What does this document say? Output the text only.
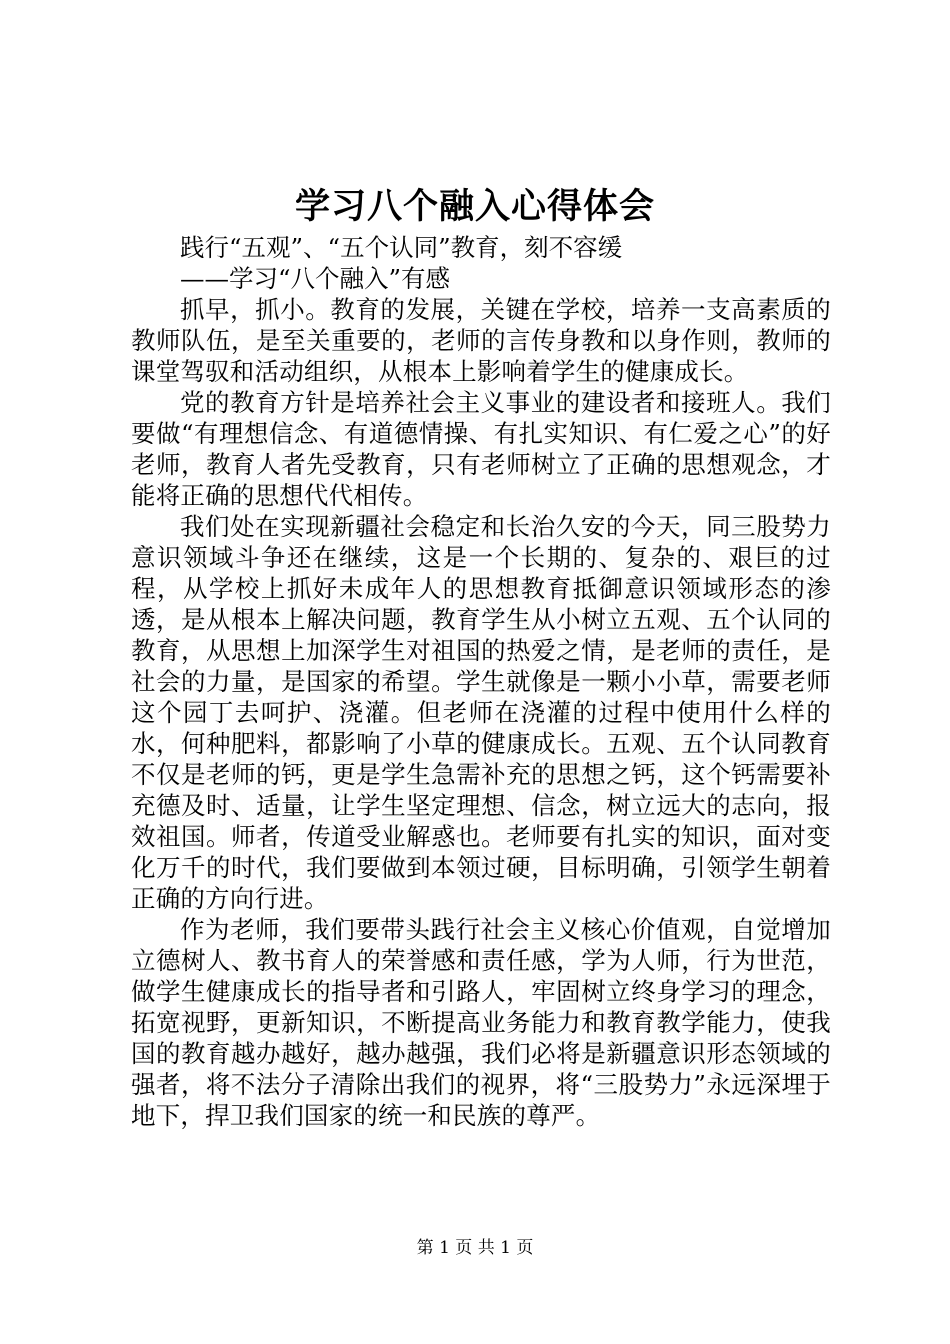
学习八个融入心得体会

践行“五观”、“五个认同”教育，刻不容缓

——学习“八个融入”有感

抓早，抓小。教育的发展，关键在学校，培养一支高素质的教师队伍，是至关重要的，老师的言传身教和以身作则，教师的课堂驾驭和活动组织，从根本上影响着学生的健康成长。

党的教育方针是培养社会主义事业的建设者和接班人。我们要做“有理想信念、有道德情操、有扎实知识、有仁爱之心”的好老师，教育人者先受教育，只有老师树立了正确的思想观念，才能将正确的思想代代相传。

我们处在实现新疆社会稳定和长治久安的今天，同三股势力意识领域斗争还在继续，这是一个长期的、复杂的、艰巨的过程，从学校上抓好未成年人的思想教育抵御意识领域形态的渗透，是从根本上解决问题，教育学生从小树立五观、五个认同的教育，从思想上加深学生对祖国的热爱之情，是老师的责任，是社会的力量，是国家的希望。学生就像是一颗小小草，需要老师这个园丁去呵护、浇灌。但老师在浇灌的过程中使用什么样的水，何种肥料，都影响了小草的健康成长。五观、五个认同教育不仅是老师的钙，更是学生急需补充的思想之钙，这个钙需要补充德及时、适量，让学生坚定理想、信念，树立远大的志向，报效祖国。师者，传道受业解惑也。老师要有扎实的知识，面对变化万千的时代，我们要做到本领过硬，目标明确，引领学生朝着正确的方向行进。

作为老师，我们要带头践行社会主义核心价值观，自觉增加立德树人、教书育人的荣誉感和责任感，学为人师，行为世范，做学生健康成长的指导者和引路人，牢固树立终身学习的理念，拓宽视野，更新知识，不断提高业务能力和教育教学能力，使我国的教育越办越好，越办越强，我们必将是新疆意识形态领域的强者，将不法分子清除出我们的视界，将“三股势力”永远深埋于地下，捍卫我们国家的统一和民族的尊严。

第 1 页 共 1 页
